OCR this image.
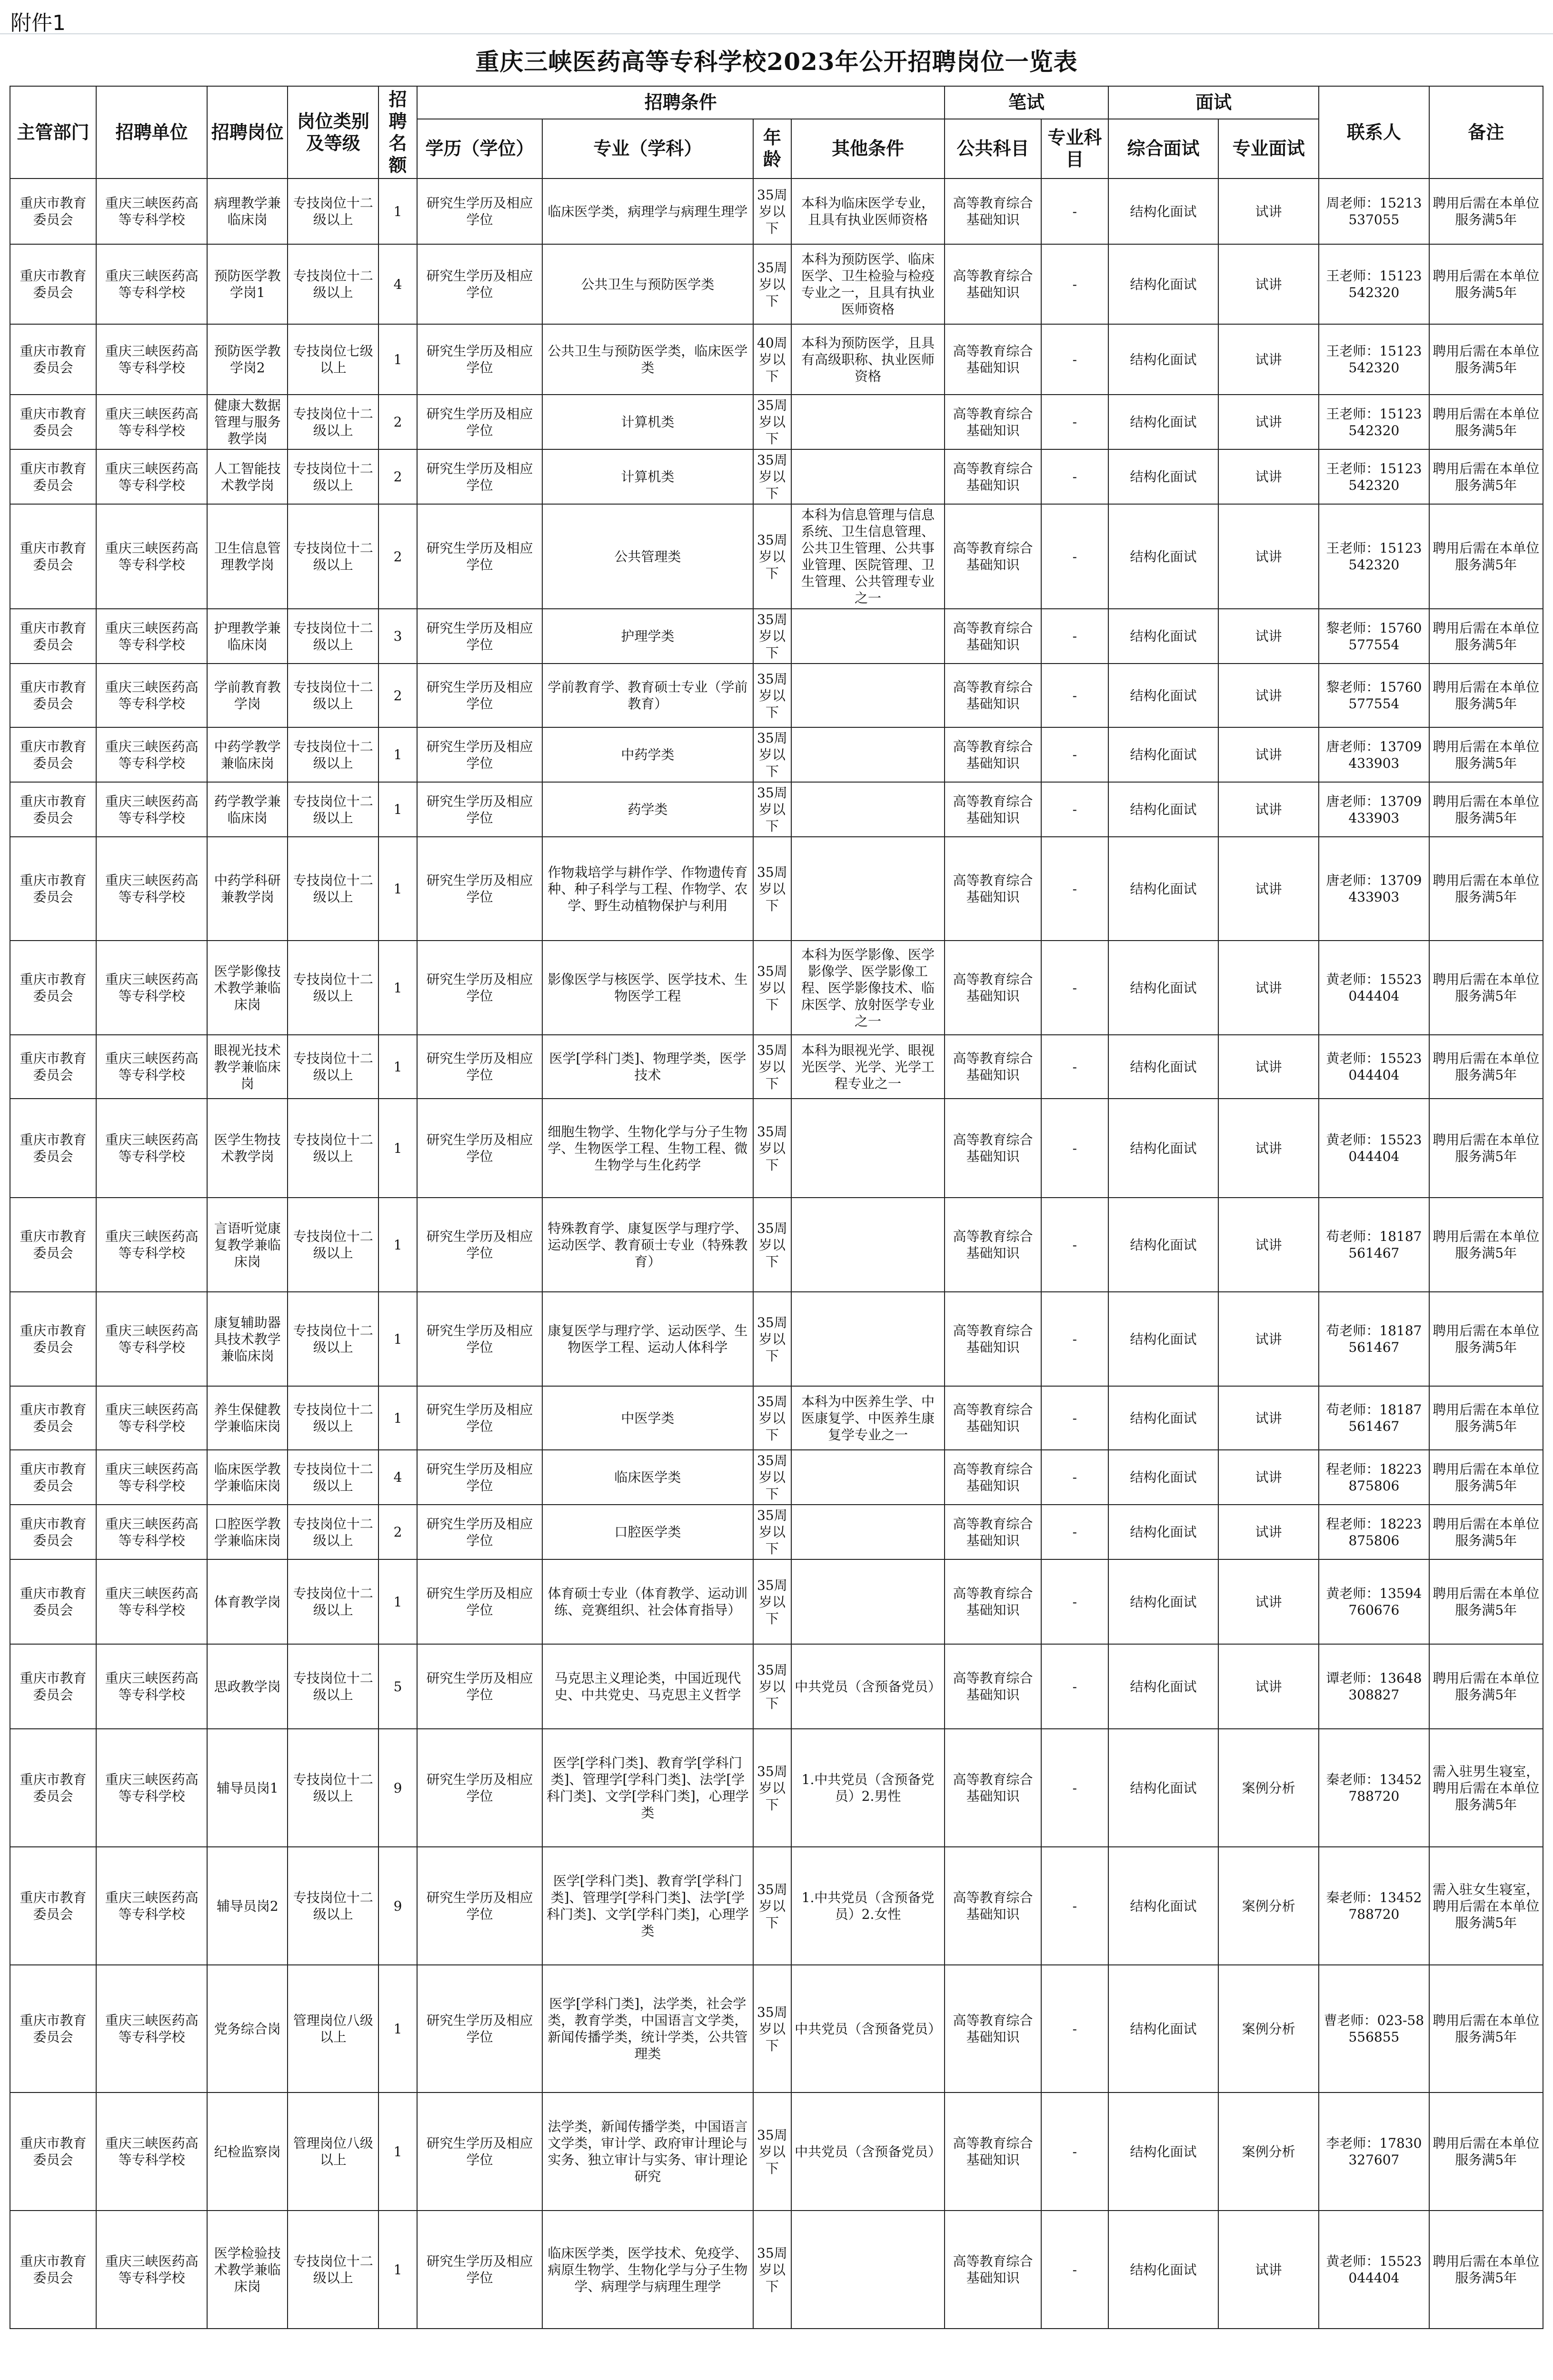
附件1
重庆三峡医药高等专科学校2023年公开招聘岗位一览表
主管部门	招聘单位	招聘岗位	岗位类别及等级	招聘名额	招聘条件				笔试		面试		联系人	备注
					学历（学位）	专业（学科）	年龄	其他条件	公共科目	专业科目	综合面试	专业面试		
重庆市教育委员会	重庆三峡医药高等专科学校	病理教学兼临床岗	专技岗位十二级以上	1	研究生学历及相应学位	临床医学类，病理学与病理生理学	35周岁以下	本科为临床医学专业，且具有执业医师资格	高等教育综合基础知识	-	结构化面试	试讲	周老师：15213537055	聘用后需在本单位服务满5年
重庆市教育委员会	重庆三峡医药高等专科学校	预防医学教学岗1	专技岗位十二级以上	4	研究生学历及相应学位	公共卫生与预防医学类	35周岁以下	本科为预防医学、临床医学、卫生检验与检疫专业之一，且具有执业医师资格	高等教育综合基础知识	-	结构化面试	试讲	王老师：15123542320	聘用后需在本单位服务满5年
重庆市教育委员会	重庆三峡医药高等专科学校	预防医学教学岗2	专技岗位七级以上	1	研究生学历及相应学位	公共卫生与预防医学类，临床医学类	40周岁以下	本科为预防医学，且具有高级职称、执业医师资格	高等教育综合基础知识	-	结构化面试	试讲	王老师：15123542320	聘用后需在本单位服务满5年
重庆市教育委员会	重庆三峡医药高等专科学校	健康大数据管理与服务教学岗	专技岗位十二级以上	2	研究生学历及相应学位	计算机类	35周岁以下		高等教育综合基础知识	-	结构化面试	试讲	王老师：15123542320	聘用后需在本单位服务满5年
重庆市教育委员会	重庆三峡医药高等专科学校	人工智能技术教学岗	专技岗位十二级以上	2	研究生学历及相应学位	计算机类	35周岁以下		高等教育综合基础知识	-	结构化面试	试讲	王老师：15123542320	聘用后需在本单位服务满5年
重庆市教育委员会	重庆三峡医药高等专科学校	卫生信息管理教学岗	专技岗位十二级以上	2	研究生学历及相应学位	公共管理类	35周岁以下	本科为信息管理与信息系统、卫生信息管理、公共卫生管理、公共事业管理、医院管理、卫生管理、公共管理专业之一	高等教育综合基础知识	-	结构化面试	试讲	王老师：15123542320	聘用后需在本单位服务满5年
重庆市教育委员会	重庆三峡医药高等专科学校	护理教学兼临床岗	专技岗位十二级以上	3	研究生学历及相应学位	护理学类	35周岁以下		高等教育综合基础知识	-	结构化面试	试讲	黎老师：15760577554	聘用后需在本单位服务满5年
重庆市教育委员会	重庆三峡医药高等专科学校	学前教育教学岗	专技岗位十二级以上	2	研究生学历及相应学位	学前教育学、教育硕士专业（学前教育）	35周岁以下		高等教育综合基础知识	-	结构化面试	试讲	黎老师：15760577554	聘用后需在本单位服务满5年
重庆市教育委员会	重庆三峡医药高等专科学校	中药学教学兼临床岗	专技岗位十二级以上	1	研究生学历及相应学位	中药学类	35周岁以下		高等教育综合基础知识	-	结构化面试	试讲	唐老师：13709433903	聘用后需在本单位服务满5年
重庆市教育委员会	重庆三峡医药高等专科学校	药学教学兼临床岗	专技岗位十二级以上	1	研究生学历及相应学位	药学类	35周岁以下		高等教育综合基础知识	-	结构化面试	试讲	唐老师：13709433903	聘用后需在本单位服务满5年
重庆市教育委员会	重庆三峡医药高等专科学校	中药学科研兼教学岗	专技岗位十二级以上	1	研究生学历及相应学位	作物栽培学与耕作学、作物遗传育种、种子科学与工程、作物学、农学、野生动植物保护与利用	35周岁以下		高等教育综合基础知识	-	结构化面试	试讲	唐老师：13709433903	聘用后需在本单位服务满5年
重庆市教育委员会	重庆三峡医药高等专科学校	医学影像技术教学兼临床岗	专技岗位十二级以上	1	研究生学历及相应学位	影像医学与核医学、医学技术、生物医学工程	35周岁以下	本科为医学影像、医学影像学、医学影像工程、医学影像技术、临床医学、放射医学专业之一	高等教育综合基础知识	-	结构化面试	试讲	黄老师：15523044404	聘用后需在本单位服务满5年
重庆市教育委员会	重庆三峡医药高等专科学校	眼视光技术教学兼临床岗	专技岗位十二级以上	1	研究生学历及相应学位	医学[学科门类]、物理学类，医学技术	35周岁以下	本科为眼视光学、眼视光医学、光学、光学工程专业之一	高等教育综合基础知识	-	结构化面试	试讲	黄老师：15523044404	聘用后需在本单位服务满5年
重庆市教育委员会	重庆三峡医药高等专科学校	医学生物技术教学岗	专技岗位十二级以上	1	研究生学历及相应学位	细胞生物学、生物化学与分子生物学、生物医学工程、生物工程、微生物学与生化药学	35周岁以下		高等教育综合基础知识	-	结构化面试	试讲	黄老师：15523044404	聘用后需在本单位服务满5年
重庆市教育委员会	重庆三峡医药高等专科学校	言语听觉康复教学兼临床岗	专技岗位十二级以上	1	研究生学历及相应学位	特殊教育学、康复医学与理疗学、运动医学、教育硕士专业（特殊教育）	35周岁以下		高等教育综合基础知识	-	结构化面试	试讲	苟老师：18187561467	聘用后需在本单位服务满5年
重庆市教育委员会	重庆三峡医药高等专科学校	康复辅助器具技术教学兼临床岗	专技岗位十二级以上	1	研究生学历及相应学位	康复医学与理疗学、运动医学、生物医学工程、运动人体科学	35周岁以下		高等教育综合基础知识	-	结构化面试	试讲	苟老师：18187561467	聘用后需在本单位服务满5年
重庆市教育委员会	重庆三峡医药高等专科学校	养生保健教学兼临床岗	专技岗位十二级以上	1	研究生学历及相应学位	中医学类	35周岁以下	本科为中医养生学、中医康复学、中医养生康复学专业之一	高等教育综合基础知识	-	结构化面试	试讲	苟老师：18187561467	聘用后需在本单位服务满5年
重庆市教育委员会	重庆三峡医药高等专科学校	临床医学教学兼临床岗	专技岗位十二级以上	4	研究生学历及相应学位	临床医学类	35周岁以下		高等教育综合基础知识	-	结构化面试	试讲	程老师：18223875806	聘用后需在本单位服务满5年
重庆市教育委员会	重庆三峡医药高等专科学校	口腔医学教学兼临床岗	专技岗位十二级以上	2	研究生学历及相应学位	口腔医学类	35周岁以下		高等教育综合基础知识	-	结构化面试	试讲	程老师：18223875806	聘用后需在本单位服务满5年
重庆市教育委员会	重庆三峡医药高等专科学校	体育教学岗	专技岗位十二级以上	1	研究生学历及相应学位	体育硕士专业（体育教学、运动训练、竞赛组织、社会体育指导）	35周岁以下		高等教育综合基础知识	-	结构化面试	试讲	黄老师：13594760676	聘用后需在本单位服务满5年
重庆市教育委员会	重庆三峡医药高等专科学校	思政教学岗	专技岗位十二级以上	5	研究生学历及相应学位	马克思主义理论类，中国近现代史、中共党史、马克思主义哲学	35周岁以下	中共党员（含预备党员）	高等教育综合基础知识	-	结构化面试	试讲	谭老师：13648308827	聘用后需在本单位服务满5年
重庆市教育委员会	重庆三峡医药高等专科学校	辅导员岗1	专技岗位十二级以上	9	研究生学历及相应学位	医学[学科门类]、教育学[学科门类]、管理学[学科门类]、法学[学科门类]、文学[学科门类]，心理学类	35周岁以下	1.中共党员（含预备党员）2.男性	高等教育综合基础知识	-	结构化面试	案例分析	秦老师：13452788720	需入驻男生寝室，聘用后需在本单位服务满5年
重庆市教育委员会	重庆三峡医药高等专科学校	辅导员岗2	专技岗位十二级以上	9	研究生学历及相应学位	医学[学科门类]、教育学[学科门类]、管理学[学科门类]、法学[学科门类]、文学[学科门类]，心理学类	35周岁以下	1.中共党员（含预备党员）2.女性	高等教育综合基础知识	-	结构化面试	案例分析	秦老师：13452788720	需入驻女生寝室，聘用后需在本单位服务满5年
重庆市教育委员会	重庆三峡医药高等专科学校	党务综合岗	管理岗位八级以上	1	研究生学历及相应学位	医学[学科门类]，法学类，社会学类，教育学类，中国语言文学类，新闻传播学类，统计学类，公共管理类	35周岁以下	中共党员（含预备党员）	高等教育综合基础知识	-	结构化面试	案例分析	曹老师：023-58556855	聘用后需在本单位服务满5年
重庆市教育委员会	重庆三峡医药高等专科学校	纪检监察岗	管理岗位八级以上	1	研究生学历及相应学位	法学类，新闻传播学类，中国语言文学类，审计学、政府审计理论与实务、独立审计与实务、审计理论研究	35周岁以下	中共党员（含预备党员）	高等教育综合基础知识	-	结构化面试	案例分析	李老师：17830327607	聘用后需在本单位服务满5年
重庆市教育委员会	重庆三峡医药高等专科学校	医学检验技术教学兼临床岗	专技岗位十二级以上	1	研究生学历及相应学位	临床医学类，医学技术、免疫学、病原生物学、生物化学与分子生物学、病理学与病理生理学	35周岁以下		高等教育综合基础知识	-	结构化面试	试讲	黄老师：15523044404	聘用后需在本单位服务满5年
